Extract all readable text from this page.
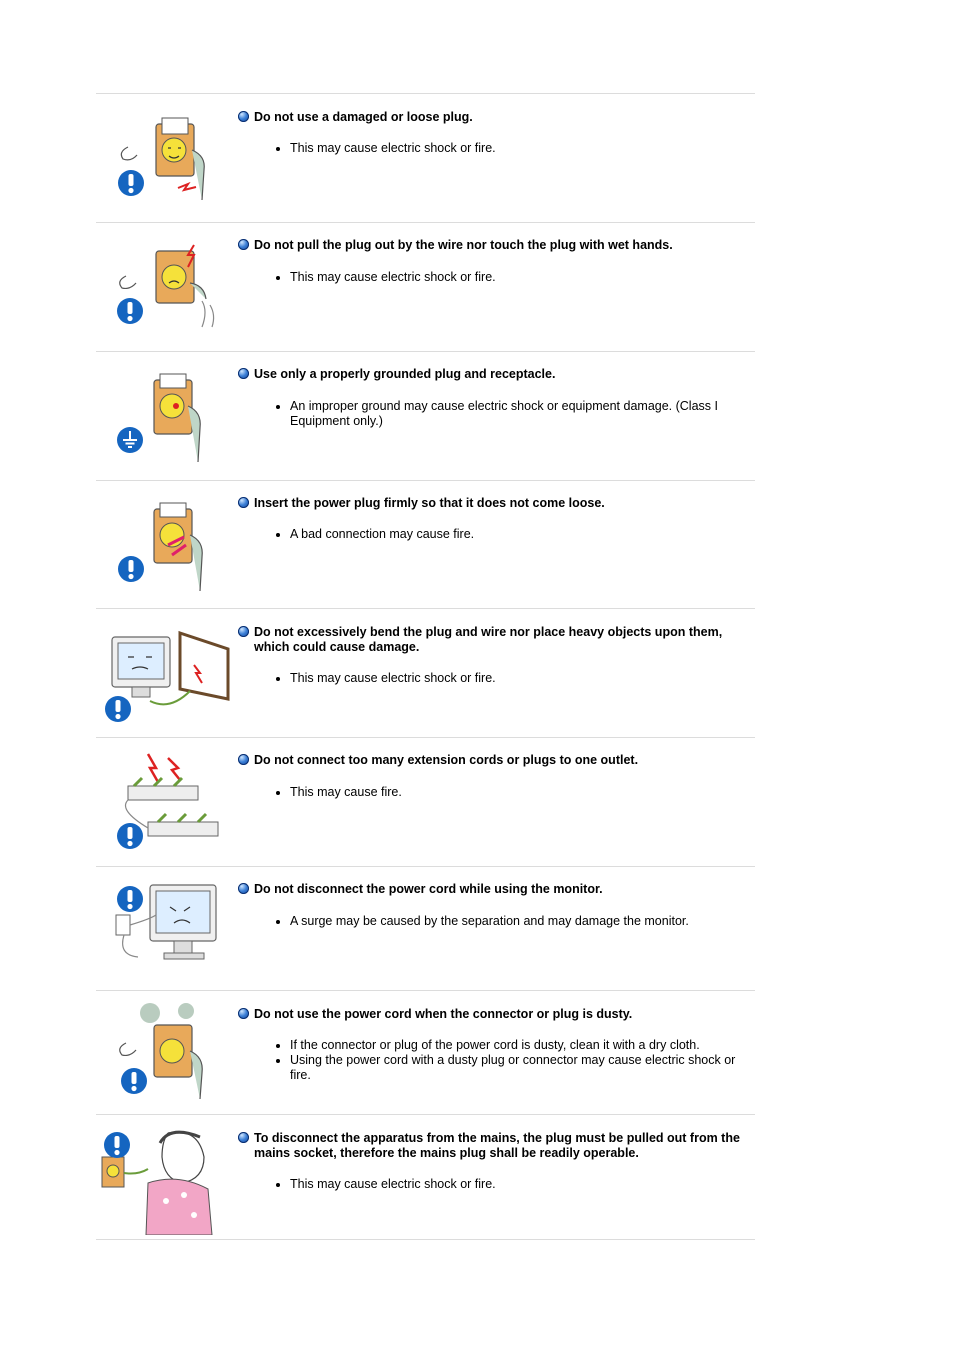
Do not use a damaged or loose plug.
• This may cause electric shock or fire.
Do not pull the plug out by the wire nor touch the plug with wet hands.
• This may cause electric shock or fire.
Use only a properly grounded plug and receptacle.
• An improper ground may cause electric shock or equipment damage. (Class I Equipment only.)
Insert the power plug firmly so that it does not come loose.
• A bad connection may cause fire.
Do not excessively bend the plug and wire nor place heavy objects upon them, which could cause damage.
• This may cause electric shock or fire.
Do not connect too many extension cords or plugs to one outlet.
• This may cause fire.
Do not disconnect the power cord while using the monitor.
• A surge may be caused by the separation and may damage the monitor.
Do not use the power cord when the connector or plug is dusty.
• If the connector or plug of the power cord is dusty, clean it with a dry cloth.
• Using the power cord with a dusty plug or connector may cause electric shock or fire.
To disconnect the apparatus from the mains, the plug must be pulled out from the mains socket, therefore the mains plug shall be readily operable.
• This may cause electric shock or fire.
